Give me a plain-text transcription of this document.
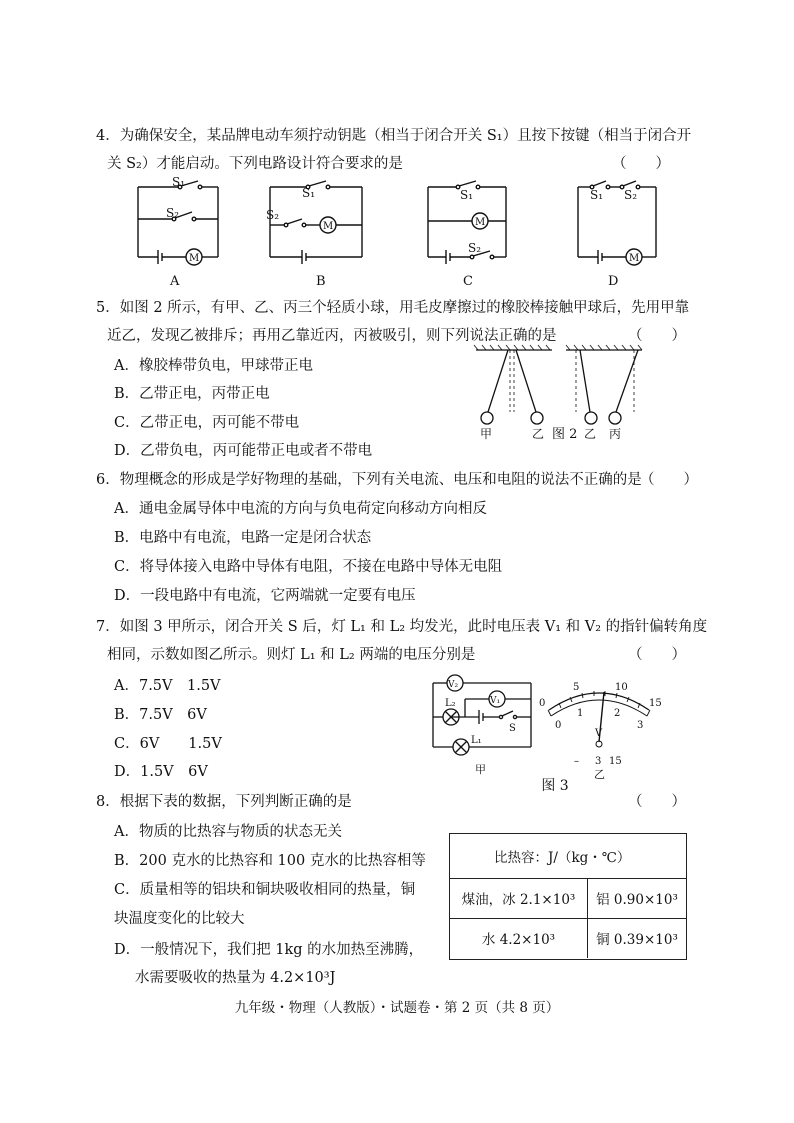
4．为确保安全，某品牌电动车须拧动钥匙（相当于闭合开关 S₁）且按下按键（相当于闭合开
关 S₂）才能启动。下列电路设计符合要求的是	（　　）
S₁
S₂
M
S₁
S₂
M
S₁
M
S₂
S₁ S₂
M
A	B	C	D
5．如图 2 所示，有甲、乙、丙三个轻质小球，用毛皮摩擦过的橡胶棒接触甲球后，先用甲靠
近乙，发现乙被排斥；再用乙靠近丙，丙被吸引，则下列说法正确的是	（　　）
A．橡胶棒带负电，甲球带正电
B．乙带正电，丙带正电
C．乙带正电，丙可能不带电
D．乙带负电，丙可能带正电或者不带电
甲	乙	乙 丙
图 2
6．物理概念的形成是学好物理的基础，下列有关电流、电压和电阻的说法不正确的是
（　　）
A．通电金属导体中电流的方向与负电荷定向移动方向相反
B．电路中有电流，电路一定是闭合状态
C．将导体接入电路中导体有电阻，不接在电路中导体无电阻
D．一段电路中有电流，它两端就一定要有电压
7．如图 3 甲所示，闭合开关 S 后，灯 L₁ 和 L₂ 均发光，此时电压表 V₁ 和 V₂ 的指针偏转角度
相同，示数如图乙所示。则灯 L₁ 和 L₂ 两端的电压分别是	（　　）
A．7.5V　1.5V
B．7.5V　6V
C．6V　　1.5V
D．1.5V　6V
V₂
V₁
L₂
S
L₁
甲
0
5	10
15
0
1	2
3
V
– 3 15
乙
图 3
8．根据下表的数据，下列判断正确的是	（　　）
A．物质的比热容与物质的状态无关
B．200 克水的比热容和 100 克水的比热容相等
C．质量相等的铝块和铜块吸收相同的热量，铜
块温度变化的比较大
D．一般情况下，我们把 1kg 的水加热至沸腾，
水需要吸收的热量为 4.2×10³J
比热容：J/（kg・℃）
煤油，冰 2.1×10³	铝 0.90×10³
水 4.2×10³	铜 0.39×10³
九年级・物理（人教版）・试题卷・第 2 页（共 8 页）
